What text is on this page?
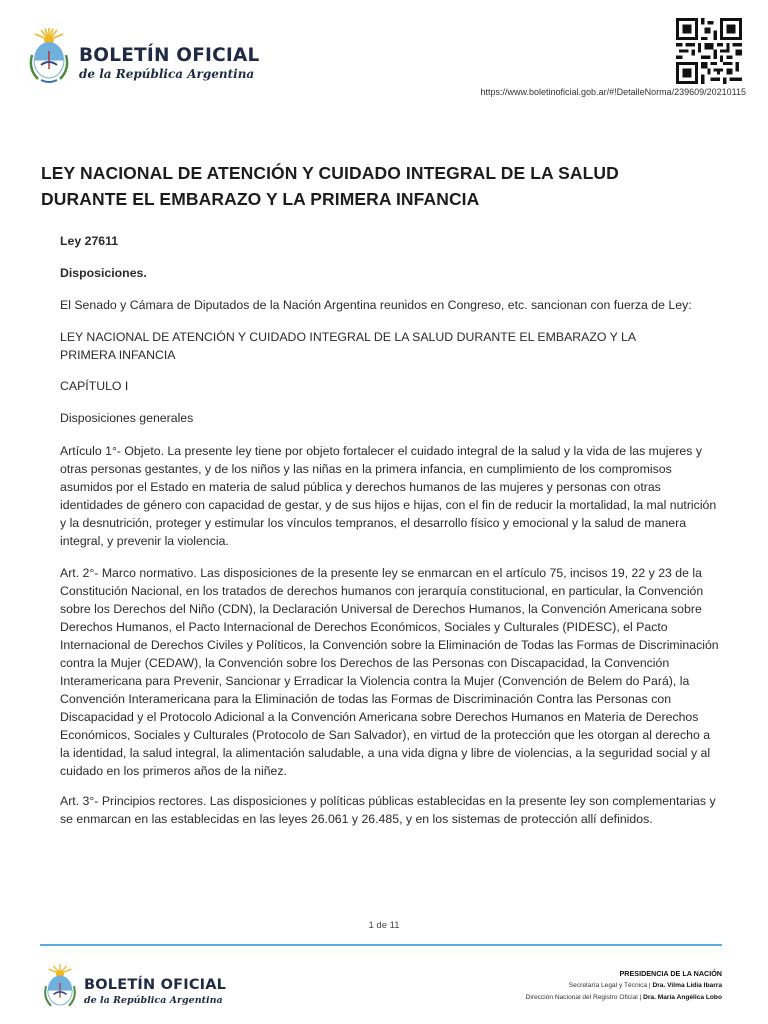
BOLETÍN OFICIAL
de la República Argentina
https://www.boletinoficial.gob.ar/#!DetalleNorma/239609/20210115
LEY NACIONAL DE ATENCIÓN Y CUIDADO INTEGRAL DE LA SALUD
DURANTE EL EMBARAZO Y LA PRIMERA INFANCIA
Ley 27611
Disposiciones.
El Senado y Cámara de Diputados de la Nación Argentina reunidos en Congreso, etc. sancionan con fuerza de Ley:
LEY NACIONAL DE ATENCIÓN Y CUIDADO INTEGRAL DE LA SALUD DURANTE EL EMBARAZO Y LA PRIMERA INFANCIA
CAPÍTULO I
Disposiciones generales
Artículo 1°- Objeto. La presente ley tiene por objeto fortalecer el cuidado integral de la salud y la vida de las mujeres y otras personas gestantes, y de los niños y las niñas en la primera infancia, en cumplimiento de los compromisos asumidos por el Estado en materia de salud pública y derechos humanos de las mujeres y personas con otras identidades de género con capacidad de gestar, y de sus hijos e hijas, con el fin de reducir la mortalidad, la mal nutrición y la desnutrición, proteger y estimular los vínculos tempranos, el desarrollo físico y emocional y la salud de manera integral, y prevenir la violencia.
Art. 2°- Marco normativo. Las disposiciones de la presente ley se enmarcan en el artículo 75, incisos 19, 22 y 23 de la Constitución Nacional, en los tratados de derechos humanos con jerarquía constitucional, en particular, la Convención sobre los Derechos del Niño (CDN), la Declaración Universal de Derechos Humanos, la Convención Americana sobre Derechos Humanos, el Pacto Internacional de Derechos Económicos, Sociales y Culturales (PIDESC), el Pacto Internacional de Derechos Civiles y Políticos, la Convención sobre la Eliminación de Todas las Formas de Discriminación contra la Mujer (CEDAW), la Convención sobre los Derechos de las Personas con Discapacidad, la Convención Interamericana para Prevenir, Sancionar y Erradicar la Violencia contra la Mujer (Convención de Belem do Pará), la Convención Interamericana para la Eliminación de todas las Formas de Discriminación Contra las Personas con Discapacidad y el Protocolo Adicional a la Convención Americana sobre Derechos Humanos en Materia de Derechos Económicos, Sociales y Culturales (Protocolo de San Salvador), en virtud de la protección que les otorgan al derecho a la identidad, la salud integral, la alimentación saludable, a una vida digna y libre de violencias, a la seguridad social y al cuidado en los primeros años de la niñez.
Art. 3°- Principios rectores. Las disposiciones y políticas públicas establecidas en la presente ley son complementarias y se enmarcan en las establecidas en las leyes 26.061 y 26.485, y en los sistemas de protección allí definidos.
1 de 11
BOLETÍN OFICIAL
de la República Argentina
PRESIDENCIA DE LA NACIÓN
Secretaría Legal y Técnica | Dra. Vilma Lidia Ibarra
Dirección Nacional del Registro Oficial | Dra. María Angélica Lobo
